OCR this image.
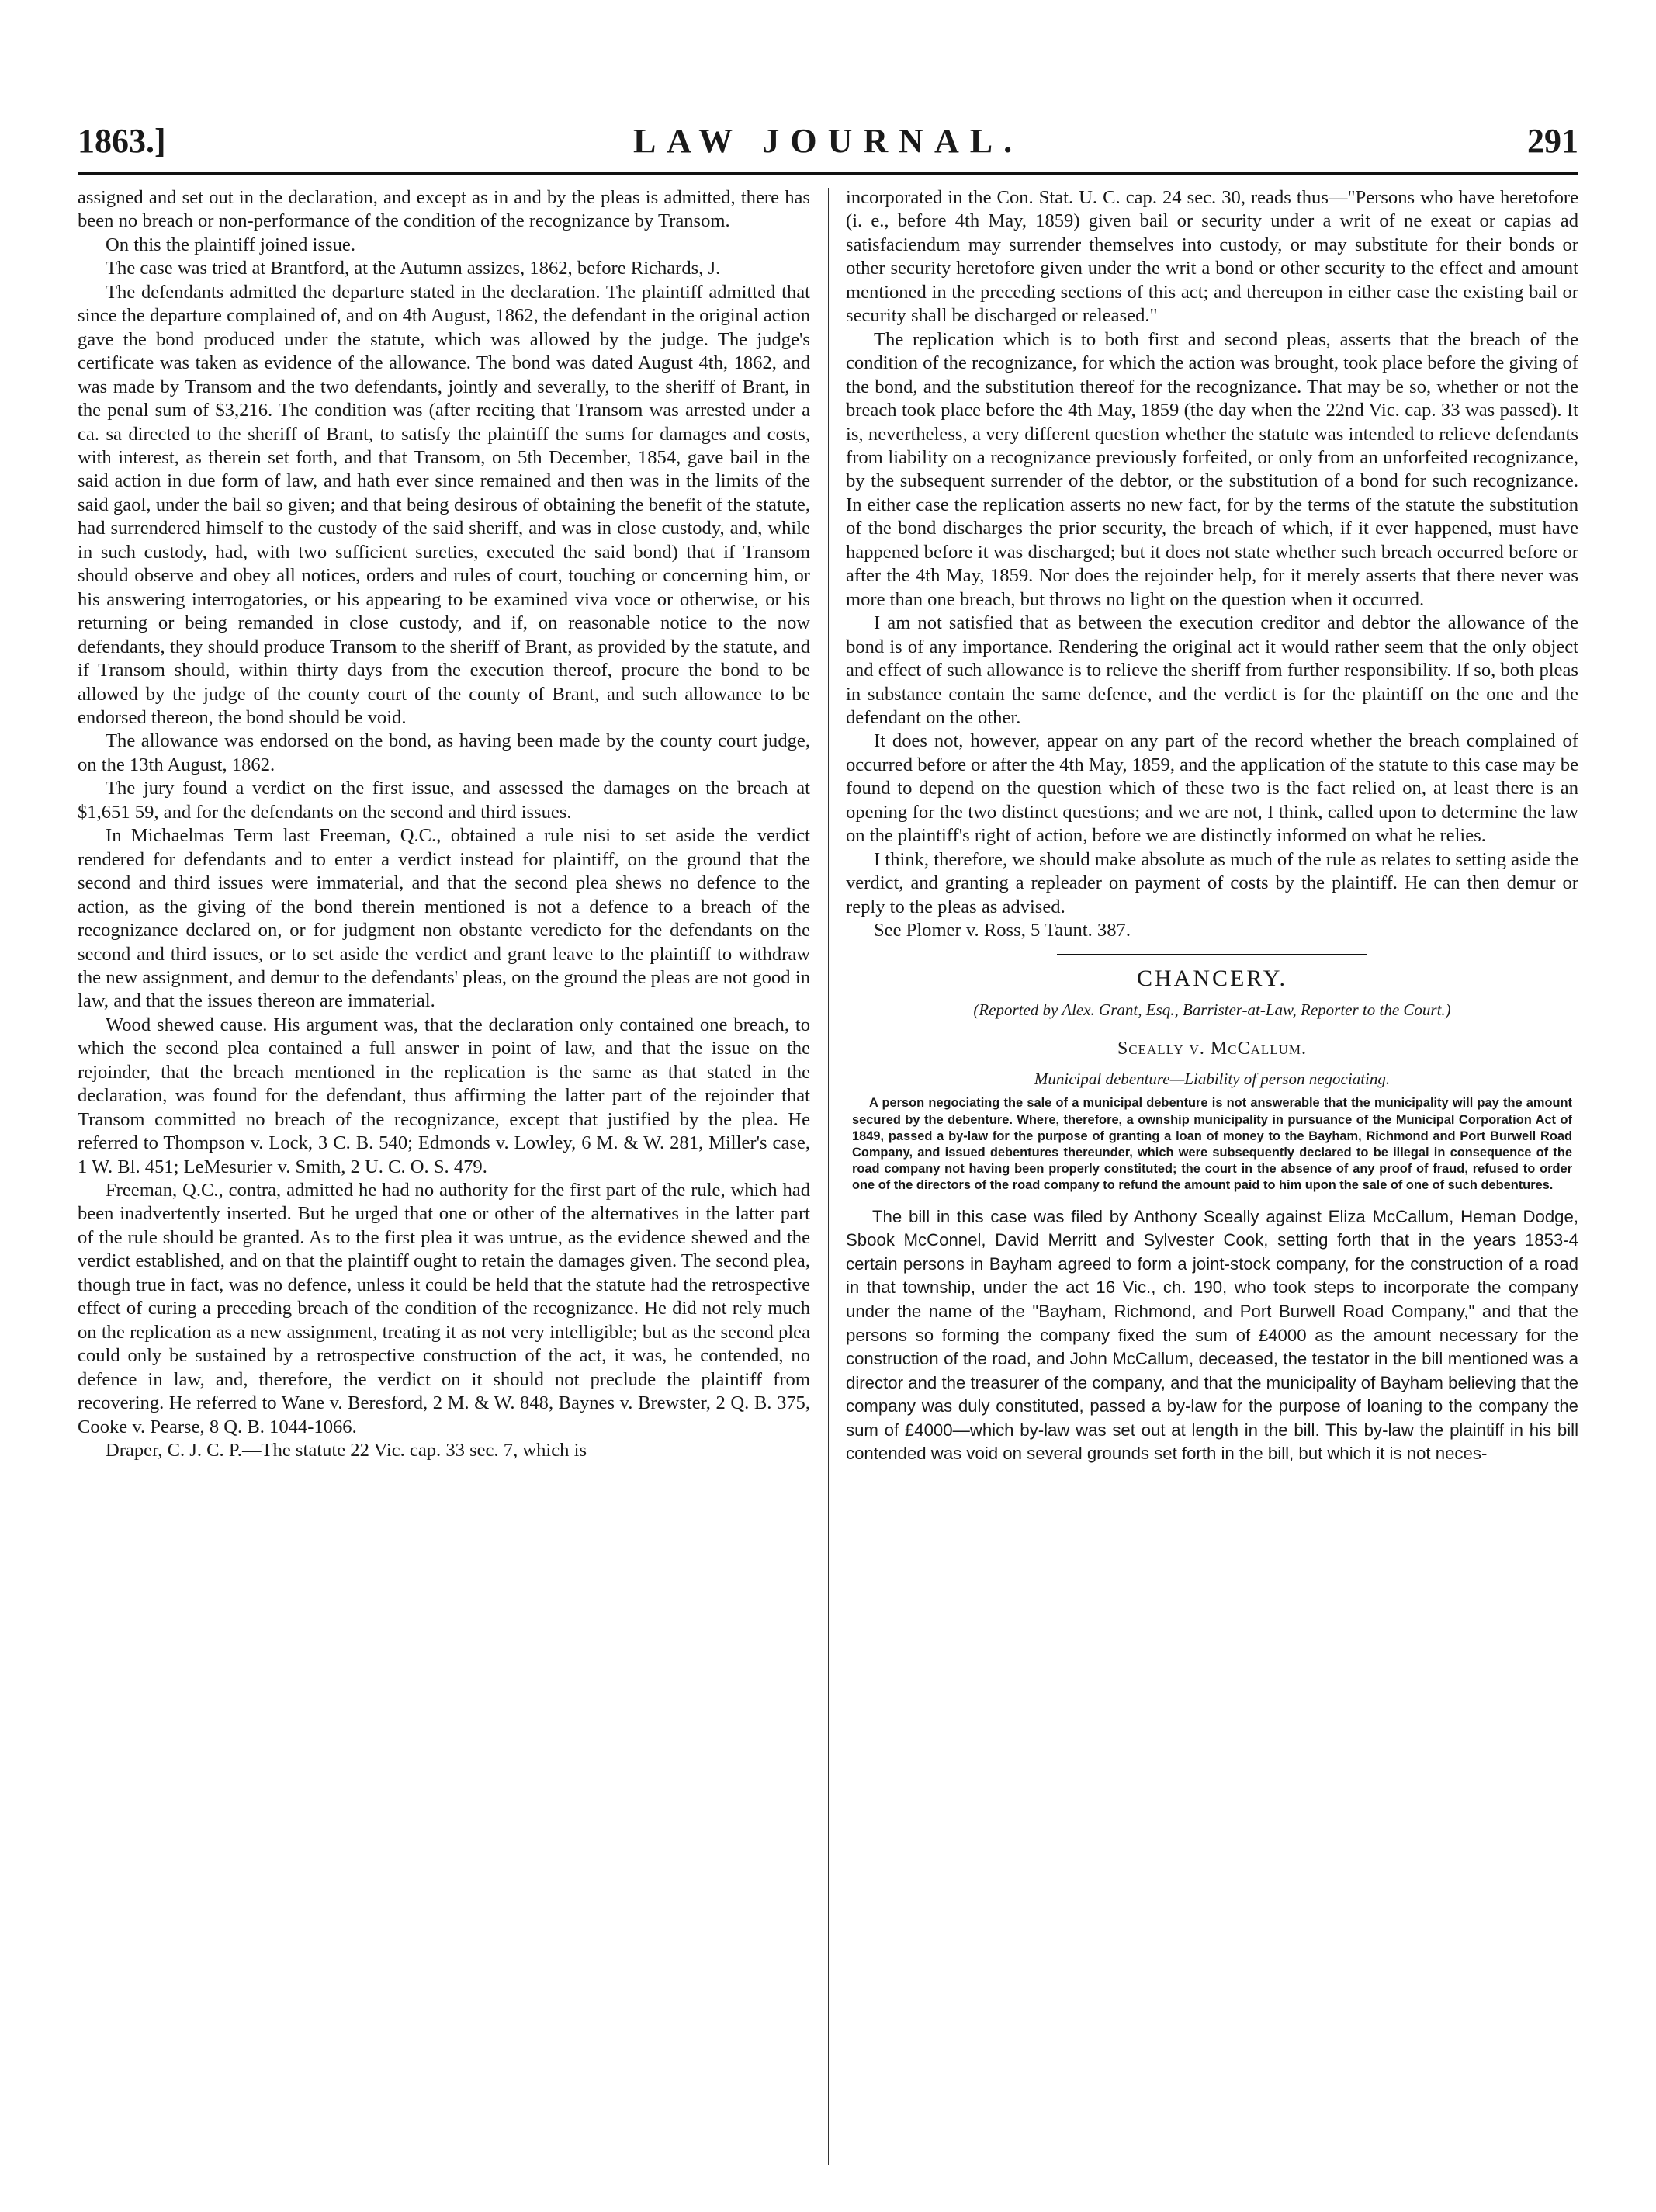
1863.]	LAW JOURNAL.	291

assigned and set out in the declaration, and except as in and by the pleas is admitted, there has been no breach or non-performance of the condition of the recognizance by Transom.

On this the plaintiff joined issue.

The case was tried at Brantford, at the Autumn assizes, 1862, before Richards, J.

The defendants admitted the departure stated in the declaration. The plaintiff admitted that since the departure complained of, and on 4th August, 1862, the defendant in the original action gave the bond produced under the statute, which was allowed by the judge. The judge's certificate was taken as evidence of the allowance. The bond was dated August 4th, 1862, and was made by Transom and the two defendants, jointly and severally, to the sheriff of Brant, in the penal sum of $3,216. The condition was (after reciting that Transom was arrested under a ca. sa directed to the sheriff of Brant, to satisfy the plaintiff the sums for damages and costs, with interest, as therein set forth, and that Transom, on 5th December, 1854, gave bail in the said action in due form of law, and hath ever since remained and then was in the limits of the said gaol, under the bail so given; and that being desirous of obtaining the benefit of the statute, had surrendered himself to the custody of the said sheriff, and was in close custody, and, while in such custody, had, with two sufficient sureties, executed the said bond) that if Transom should observe and obey all notices, orders and rules of court, touching or concerning him, or his answering interrogatories, or his appearing to be examined viva voce or otherwise, or his returning or being remanded in close custody, and if, on reasonable notice to the now defendants, they should produce Transom to the sheriff of Brant, as provided by the statute, and if Transom should, within thirty days from the execution thereof, procure the bond to be allowed by the judge of the county court of the county of Brant, and such allowance to be endorsed thereon, the bond should be void.

The allowance was endorsed on the bond, as having been made by the county court judge, on the 13th August, 1862.

The jury found a verdict on the first issue, and assessed the damages on the breach at $1,651 59, and for the defendants on the second and third issues.

In Michaelmas Term last Freeman, Q.C., obtained a rule nisi to set aside the verdict rendered for defendants and to enter a verdict instead for plaintiff, on the ground that the second and third issues were immaterial, and that the second plea shews no defence to the action, as the giving of the bond therein mentioned is not a defence to a breach of the recognizance declared on, or for judgment non obstante veredicto for the defendants on the second and third issues, or to set aside the verdict and grant leave to the plaintiff to withdraw the new assignment, and demur to the defendants' pleas, on the ground the pleas are not good in law, and that the issues thereon are immaterial.

Wood shewed cause. His argument was, that the declaration only contained one breach, to which the second plea contained a full answer in point of law, and that the issue on the rejoinder, that the breach mentioned in the replication is the same as that stated in the declaration, was found for the defendant, thus affirming the latter part of the rejoinder that Transom committed no breach of the recognizance, except that justified by the plea. He referred to Thompson v. Lock, 3 C. B. 540; Edmonds v. Lowley, 6 M. & W. 281, Miller's case, 1 W. Bl. 451; LeMesurier v. Smith, 2 U. C. O. S. 479.

Freeman, Q.C., contra, admitted he had no authority for the first part of the rule, which had been inadvertently inserted. But he urged that one or other of the alternatives in the latter part of the rule should be granted. As to the first plea it was untrue, as the evidence shewed and the verdict established, and on that the plaintiff ought to retain the damages given. The second plea, though true in fact, was no defence, unless it could be held that the statute had the retrospective effect of curing a preceding breach of the condition of the recognizance. He did not rely much on the replication as a new assignment, treating it as not very intelligible; but as the second plea could only be sustained by a retrospective construction of the act, it was, he contended, no defence in law, and, therefore, the verdict on it should not preclude the plaintiff from recovering. He referred to Wane v. Beresford, 2 M. & W. 848, Baynes v. Brewster, 2 Q. B. 375, Cooke v. Pearse, 8 Q. B. 1044-1066.

Draper, C. J. C. P.—The statute 22 Vic. cap. 33 sec. 7, which is

incorporated in the Con. Stat. U. C. cap. 24 sec. 30, reads thus—"Persons who have heretofore (i. e., before 4th May, 1859) given bail or security under a writ of ne exeat or capias ad satisfaciendum may surrender themselves into custody, or may substitute for their bonds or other security heretofore given under the writ a bond or other security to the effect and amount mentioned in the preceding sections of this act; and thereupon in either case the existing bail or security shall be discharged or released."

The replication which is to both first and second pleas, asserts that the breach of the condition of the recognizance, for which the action was brought, took place before the giving of the bond, and the substitution thereof for the recognizance. That may be so, whether or not the breach took place before the 4th May, 1859 (the day when the 22nd Vic. cap. 33 was passed). It is, nevertheless, a very different question whether the statute was intended to relieve defendants from liability on a recognizance previously forfeited, or only from an unforfeited recognizance, by the subsequent surrender of the debtor, or the substitution of a bond for such recognizance. In either case the replication asserts no new fact, for by the terms of the statute the substitution of the bond discharges the prior security, the breach of which, if it ever happened, must have happened before it was discharged; but it does not state whether such breach occurred before or after the 4th May, 1859. Nor does the rejoinder help, for it merely asserts that there never was more than one breach, but throws no light on the question when it occurred.

I am not satisfied that as between the execution creditor and debtor the allowance of the bond is of any importance. Rendering the original act it would rather seem that the only object and effect of such allowance is to relieve the sheriff from further responsibility. If so, both pleas in substance contain the same defence, and the verdict is for the plaintiff on the one and the defendant on the other.

It does not, however, appear on any part of the record whether the breach complained of occurred before or after the 4th May, 1859, and the application of the statute to this case may be found to depend on the question which of these two is the fact relied on, at least there is an opening for the two distinct questions; and we are not, I think, called upon to determine the law on the plaintiff's right of action, before we are distinctly informed on what he relies.

I think, therefore, we should make absolute as much of the rule as relates to setting aside the verdict, and granting a repleader on payment of costs by the plaintiff. He can then demur or reply to the pleas as advised.

See Plomer v. Ross, 5 Taunt. 387.

CHANCERY.
(Reported by Alex. Grant, Esq., Barrister-at-Law, Reporter to the Court.)
Sceally v. McCallum.
Municipal debenture—Liability of person negociating.
A person negociating the sale of a municipal debenture is not answerable that the municipality will pay the amount secured by the debenture. Where, therefore, a ownship municipality in pursuance of the Municipal Corporation Act of 1849, passed a by-law for the purpose of granting a loan of money to the Bayham, Richmond and Port Burwell Road Company, and issued debentures thereunder, which were subsequently declared to be illegal in consequence of the road company not having been properly constituted; the court in the absence of any proof of fraud, refused to order one of the directors of the road company to refund the amount paid to him upon the sale of one of such debentures.

The bill in this case was filed by Anthony Sceally against Eliza McCallum, Heman Dodge, Sbook McConnel, David Merritt and Sylvester Cook, setting forth that in the years 1853-4 certain persons in Bayham agreed to form a joint-stock company, for the construction of a road in that township, under the act 16 Vic., ch. 190, who took steps to incorporate the company under the name of the "Bayham, Richmond, and Port Burwell Road Company," and that the persons so forming the company fixed the sum of £4000 as the amount necessary for the construction of the road, and John McCallum, deceased, the testator in the bill mentioned was a director and the treasurer of the company, and that the municipality of Bayham believing that the company was duly constituted, passed a by-law for the purpose of loaning to the company the sum of £4000—which by-law was set out at length in the bill. This by-law the plaintiff in his bill contended was void on several grounds set forth in the bill, but which it is not neces-
